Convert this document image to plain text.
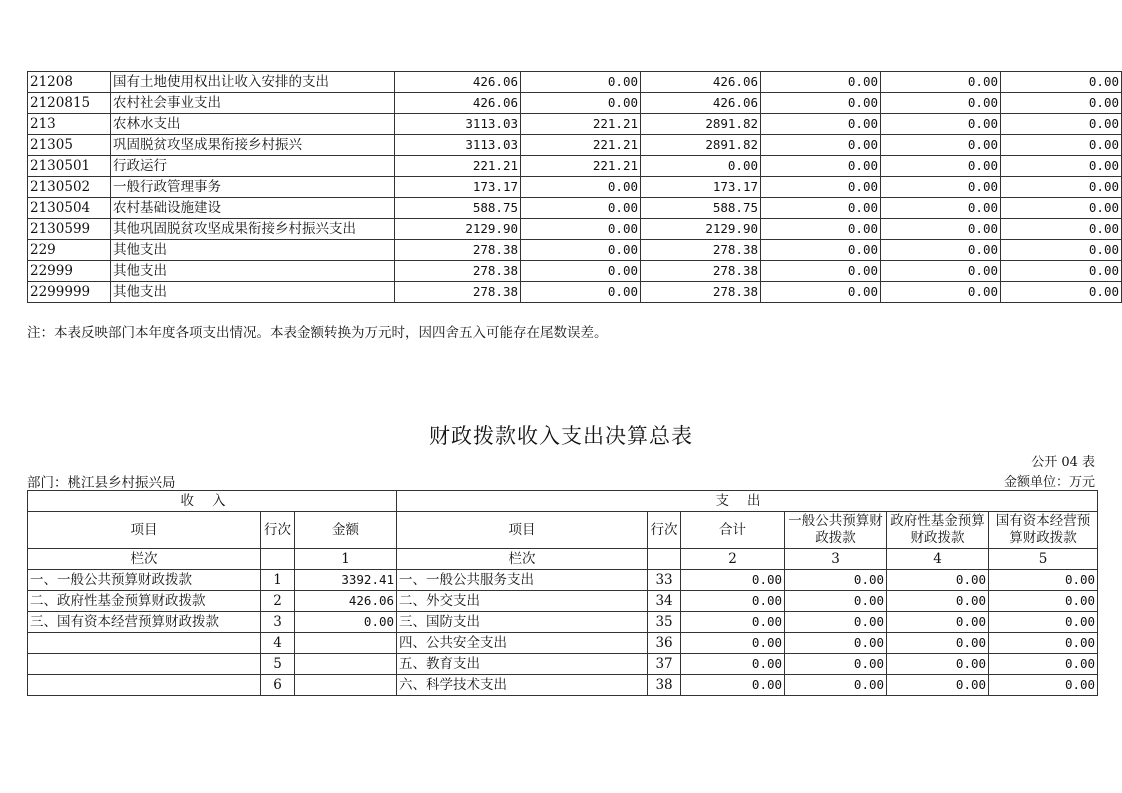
21208	国有土地使用权出让收入安排的支出	426.06	0.00	426.06	0.00	0.00	0.00
2120815	农村社会事业支出	426.06	0.00	426.06	0.00	0.00	0.00
213	农林水支出	3113.03	221.21	2891.82	0.00	0.00	0.00
21305	巩固脱贫攻坚成果衔接乡村振兴	3113.03	221.21	2891.82	0.00	0.00	0.00
2130501	行政运行	221.21	221.21	0.00	0.00	0.00	0.00
2130502	一般行政管理事务	173.17	0.00	173.17	0.00	0.00	0.00
2130504	农村基础设施建设	588.75	0.00	588.75	0.00	0.00	0.00
2130599	其他巩固脱贫攻坚成果衔接乡村振兴支出	2129.90	0.00	2129.90	0.00	0.00	0.00
229	其他支出	278.38	0.00	278.38	0.00	0.00	0.00
22999	其他支出	278.38	0.00	278.38	0.00	0.00	0.00
2299999	其他支出	278.38	0.00	278.38	0.00	0.00	0.00
注：本表反映部门本年度各项支出情况。本表金额转换为万元时，因四舍五入可能存在尾数误差。
财政拨款收入支出决算总表
公开 04 表
部门：桃江县乡村振兴局	金额单位：万元
收入			支出					
项目	行次	金额	项目	行次	合计	一般公共预算财政拨款	政府性基金预算财政拨款	国有资本经营预算财政拨款
栏次		1	栏次		2	3	4	5
一、一般公共预算财政拨款	1	3392.41	一、一般公共服务支出	33	0.00	0.00	0.00	0.00
二、政府性基金预算财政拨款	2	426.06	二、外交支出	34	0.00	0.00	0.00	0.00
三、国有资本经营预算财政拨款	3	0.00	三、国防支出	35	0.00	0.00	0.00	0.00
	4		四、公共安全支出	36	0.00	0.00	0.00	0.00
	5		五、教育支出	37	0.00	0.00	0.00	0.00
	6		六、科学技术支出	38	0.00	0.00	0.00	0.00
